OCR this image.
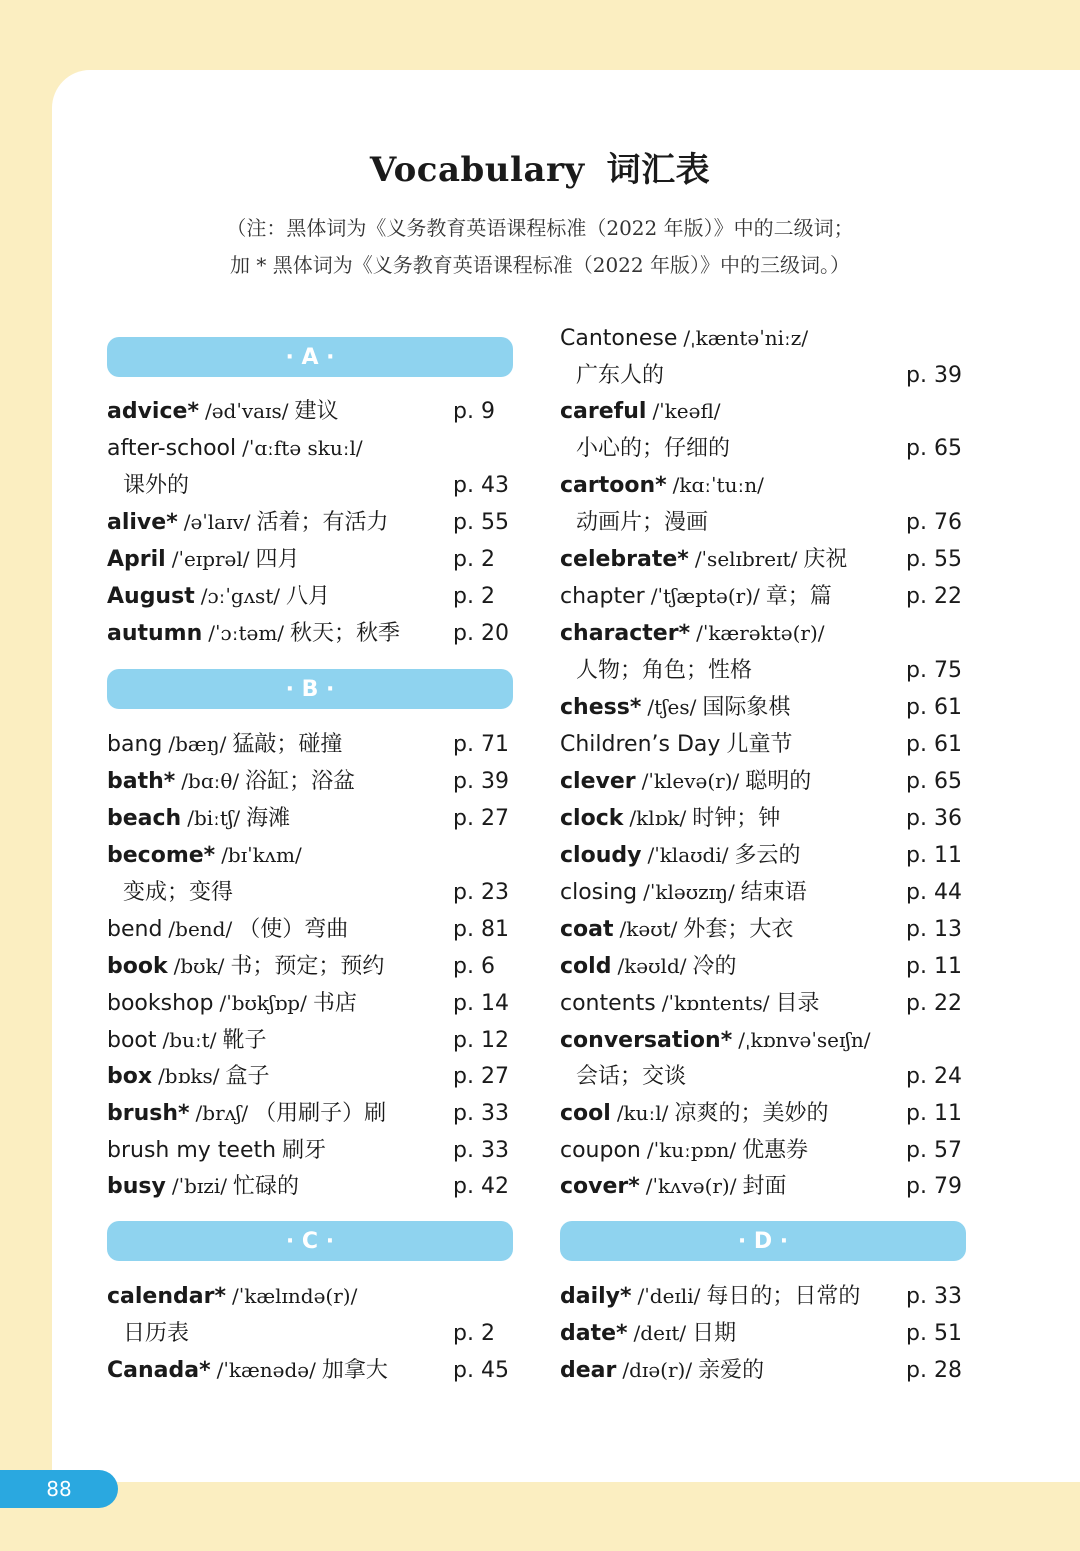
Vocabulary 词汇表
（注：黑体词为《义务教育英语课程标准（2022 年版）》中的二级词；
加 * 黑体词为《义务教育英语课程标准（2022 年版）》中的三级词。）
· A ·
· B ·
· C ·	· D ·
advice* /ədˈvaɪs/ 建议	p. 9
after-school /ˈɑːftə skuːl/
课外的	p. 43
alive* /əˈlaɪv/ 活着；有活力	p. 55
April /ˈeɪprəl/ 四月	p. 2
August /ɔːˈgʌst/ 八月	p. 2
autumn /ˈɔːtəm/ 秋天；秋季 p. 20
bang /bæŋ/ 猛敲；碰撞	p. 71
bath* /bɑːθ/ 浴缸；浴盆	p. 39
beach /biːtʃ/ 海滩	p. 27
become* /bɪˈkʌm/
变成；变得	p. 23
bend /bend/ （使）弯曲	p. 81
book /bʊk/ 书；预定；预约	p. 6
bookshop /ˈbʊkʃɒp/ 书店	p. 14
boot /buːt/ 靴子	p. 12
box /bɒks/ 盒子	p. 27
brush* /brʌʃ/ （用刷子）刷	p. 33
brush my teeth 刷牙	p. 33
busy /ˈbɪzi/ 忙碌的	p. 42
calendar* /ˈkælɪndə(r)/
日历表	p. 2
Canada* /ˈkænədə/ 加拿大	p. 45
Cantonese /ˌkæntəˈniːz/
广东人的	p. 39
careful /ˈkeəfl/
小心的；仔细的	p. 65
cartoon* /kɑːˈtuːn/
动画片；漫画	p. 76
celebrate* /ˈselɪbreɪt/ 庆祝	p. 55
chapter /ˈtʃæptə(r)/ 章；篇	p. 22
character* /ˈkærəktə(r)/
人物；角色；性格	p. 75
chess* /tʃes/ 国际象棋	p. 61
Children’s Day 儿童节	p. 61
clever /ˈklevə(r)/ 聪明的	p. 65
clock /klɒk/ 时钟；钟	p. 36
cloudy /ˈklaʊdi/ 多云的	p. 11
closing /ˈkləʊzɪŋ/ 结束语	p. 44
coat /kəʊt/ 外套；大衣	p. 13
cold /kəʊld/ 冷的	p. 11
contents /ˈkɒntents/ 目录	p. 22
conversation* /ˌkɒnvəˈseɪʃn/
会话；交谈	p. 24
cool /kuːl/ 凉爽的；美妙的	p. 11
coupon /ˈkuːpɒn/ 优惠券	p. 57
cover* /ˈkʌvə(r)/ 封面	p. 79
daily* /ˈdeɪli/ 每日的；日常的 p. 33
date* /deɪt/ 日期	p. 51
dear /dɪə(r)/ 亲爱的	p. 28
88
